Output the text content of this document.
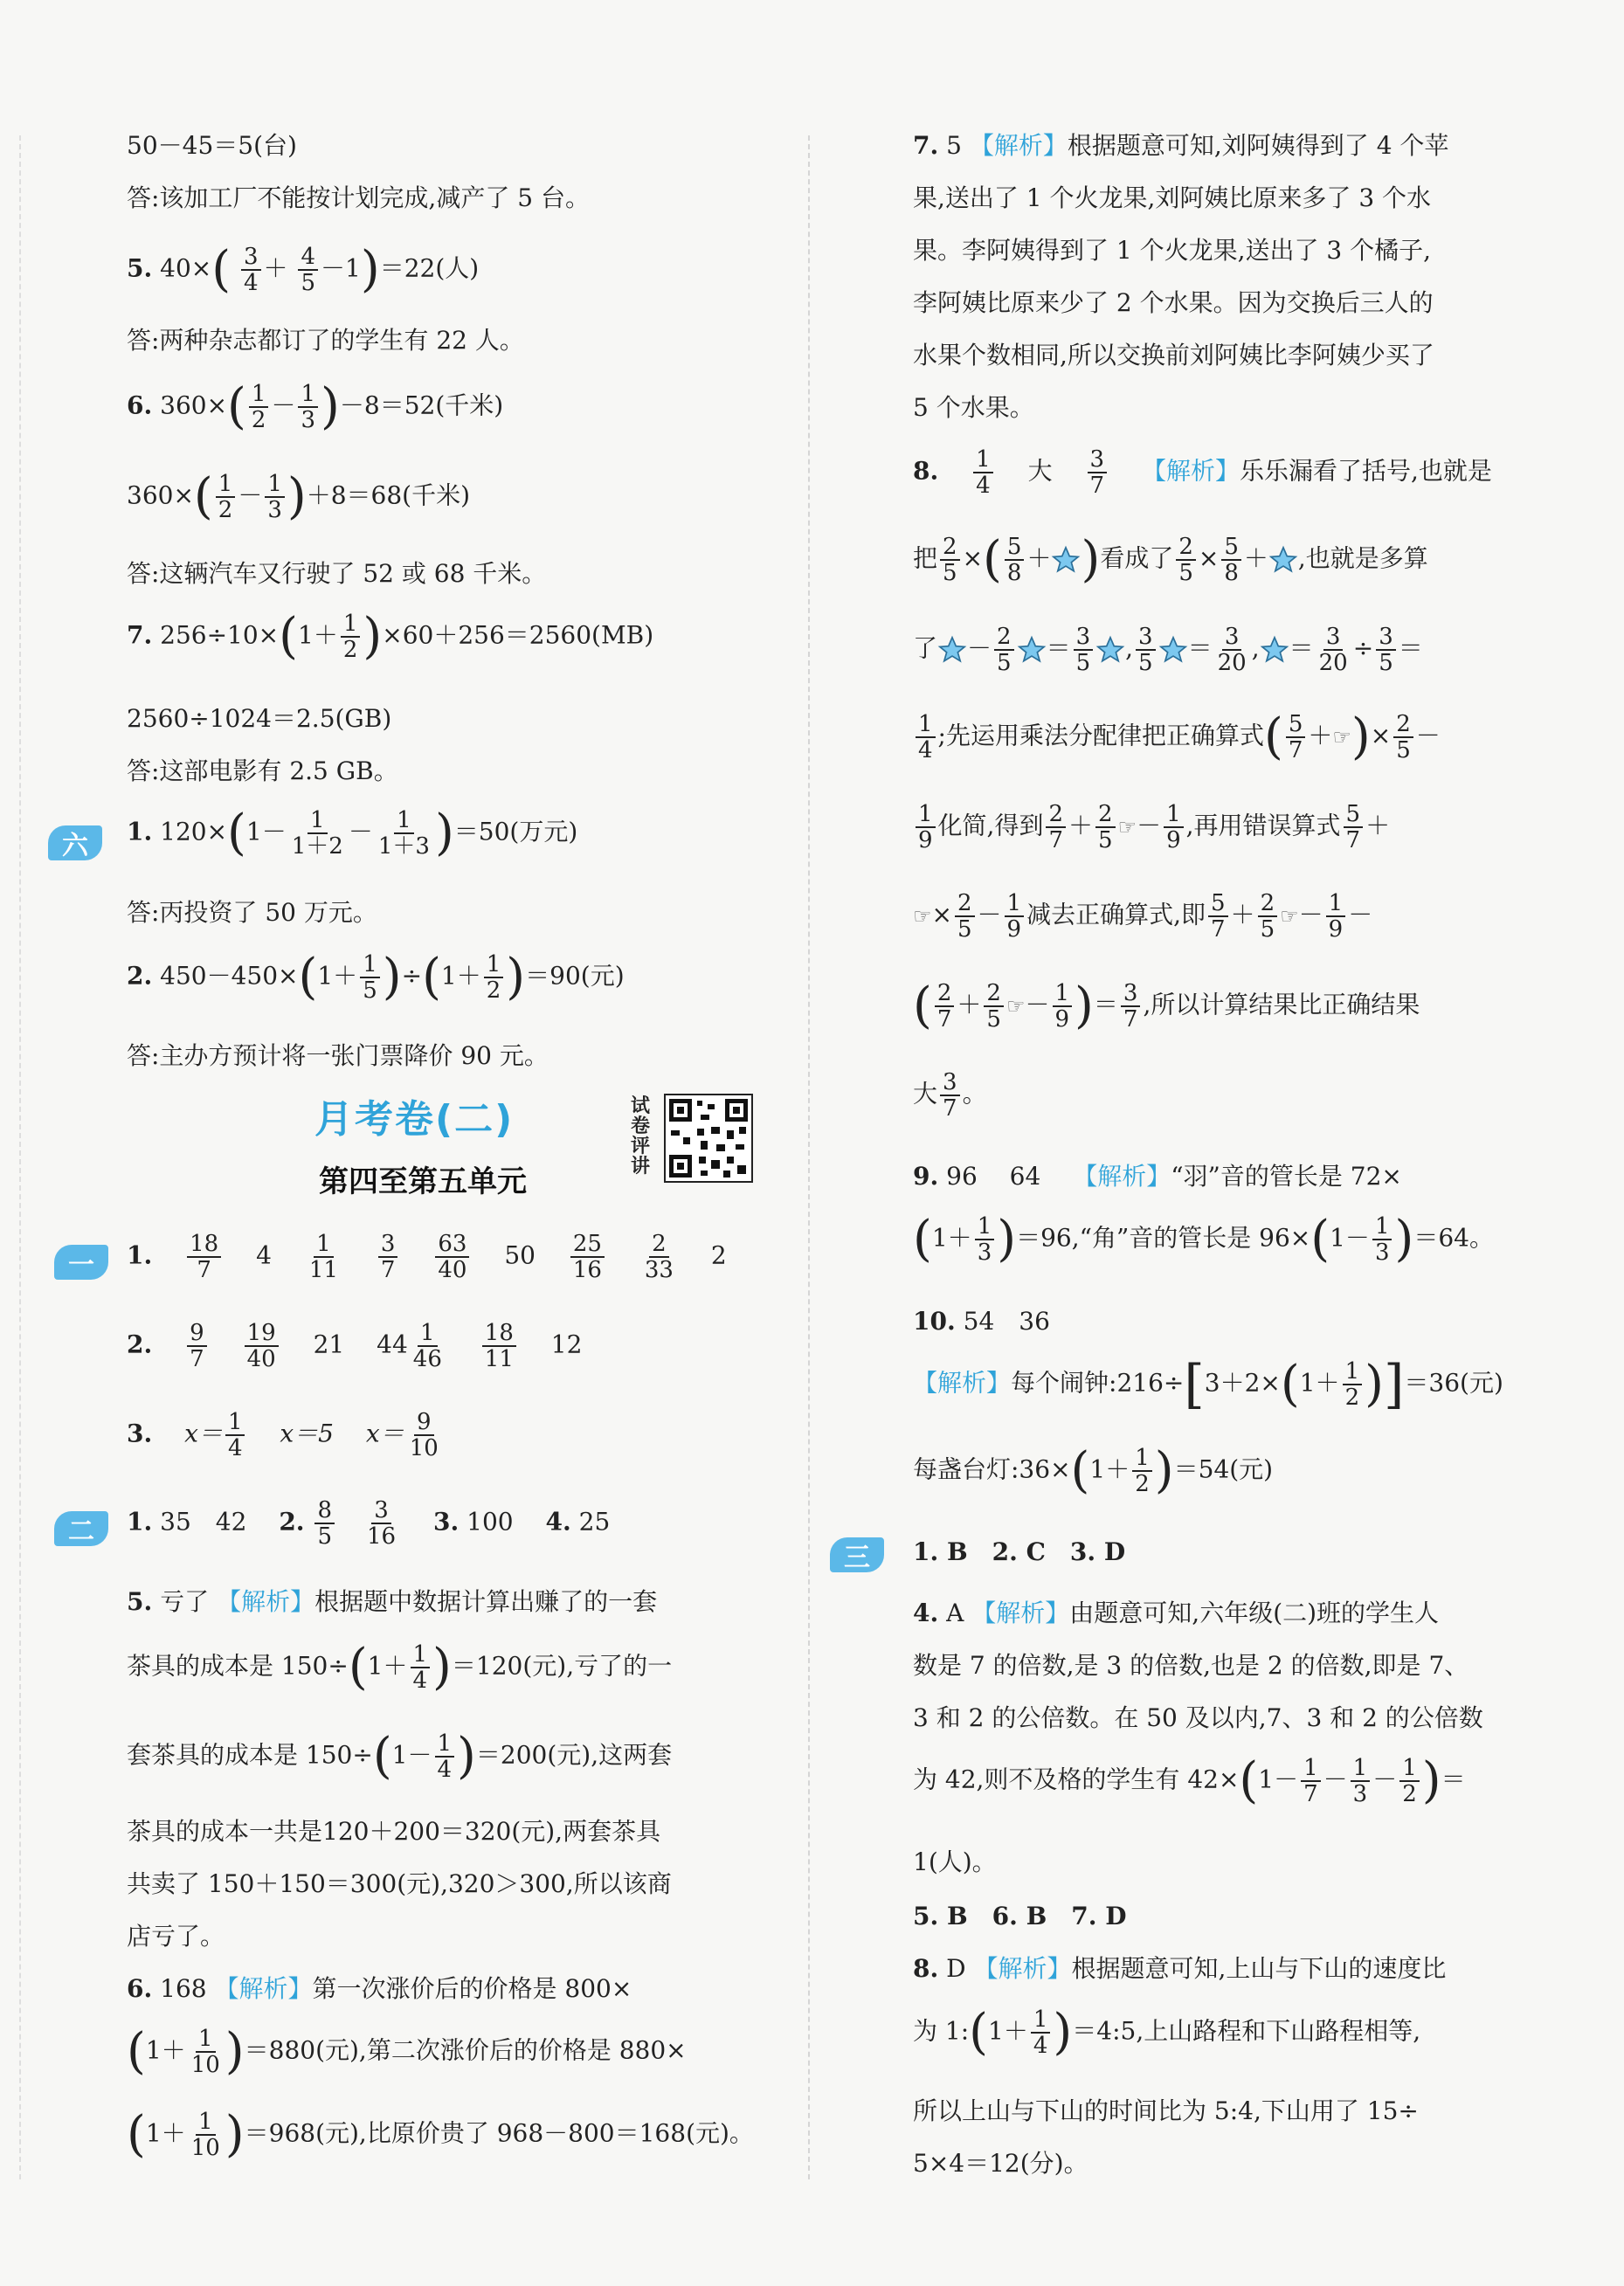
50－45＝5(台)
答:该加工厂不能按计划完成,减产了 5 台。
5. $40\times( \frac{3}{4} + \frac{4}{5} -1)=22$(人)
答:两种杂志都订了的学生有 22 人。
6. $360\times( \frac{1}{2} - \frac{1}{3} )-8=52$(千米)
$360\times( \frac{1}{2} - \frac{1}{3} )+8=68$(千米)
答:这辆汽车又行驶了 52 或 68 千米。
7. $256\div 10\times(1+ \frac{1}{2} )\times 60+256=2560(MB)$
2560÷1024＝2.5(GB)
答:这部电影有 2.5 GB。
六	1. $120\times(1- \frac{1}{1+2} - \frac{1}{1+3} )=50$(万元)
答:丙投资了 50 万元。
2. $450-450\times(1+ \frac{1}{5} )\div(1+ \frac{1}{2} )=90$(元)
答:主办方预计将一张门票降价 90 元。
月考卷(二)
第四至第五单元
试卷评讲
一	1. $\frac{18}{7} 4 \frac{1}{11}$
$\frac{3}{7}$
$\frac{63}{40} 50 \frac{25}{16}$
$\frac{2}{33} 2$
2. $\frac{9}{7}$
$\frac{19}{40} 21$ $44 \frac{1}{46}$
$\frac{18}{11} 12$
3. $x= \frac{1}{4} x=5$ $x= \frac{9}{10}$
二	1. 35　42 2. $\frac{8}{5} \frac{3}{16} 3$. 100 4. 25
5. 亏了 【解析】根据题中数据计算出赚了的一套
茶具的成本是 $150\div(1+ \frac{1}{4} )=120$(元),亏了的一
套茶具的成本是 $150\div(1- \frac{1}{4} )=200$(元),这两套
茶具的成本一共是120＋200＝320(元),两套茶具
共卖了 150＋150＝300(元),320＞300,所以该商
店亏了。
6. 168 【解析】第一次涨价后的价格是 800×
$(1+ \frac{1}{10} )=880$(元),第二次涨价后的价格是 880×
$(1+ \frac{1}{10} )=968$(元),比原价贵了 968－800＝168(元)。
7. 5 【解析】根据题意可知,刘阿姨得到了 4 个苹
果,送出了 1 个火龙果,刘阿姨比原来多了 3 个水
果。李阿姨得到了 1 个火龙果,送出了 3 个橘子,
李阿姨比原来少了 2 个水果。因为交换后三人的
水果个数相同,所以交换前刘阿姨比李阿姨少买了
5 个水果。
8. $\frac{1}{4}$ 大 $\frac{3}{7}$ 【解析】乐乐漏看了括号,也就是
把 $\frac{2}{5}$ ×( $\frac{5}{8}$ ＋ )看成了 $\frac{2}{5} \times \frac{5}{8}$ ＋ ,也就是多算
了 － $\frac{2}{5} = \frac{3}{5}$ , $\frac{3}{5} = \frac{3}{20}$ , ＝ $\frac{3}{20} \div \frac{3}{5}$ ＝
$\frac{1}{4}$ ;先运用乘法分配律把正确算式( $\frac{5}{7}$ ＋☞)× $\frac{2}{5}$ －
$\frac{1}{9}$ 化简,得到 $\frac{2}{7} + \frac{2}{5}$ ☞－ $\frac{1}{9}$ ,再用错误算式 $\frac{5}{7}$ ＋
☞× $\frac{2}{5} - \frac{1}{9}$ 减去正确算式,即 $\frac{5}{7} + \frac{2}{5}$ ☞－ $\frac{1}{9}$ －
( $\frac{2}{7} + \frac{2}{5}$ ☞－ $\frac{1}{9}$ )＝ $\frac{3}{7}$ ,所以计算结果比正确结果
大 $\frac{3}{7}$ 。
9. 96　 64 【解析】“羽”音的管长是 72×
($1+ \frac{1}{3}$ )＝96,“角”音的管长是 $96\times(1- \frac{1}{3} )=64$。
10. 54　36
【解析】每个闹钟:216÷[3＋2×(1＋ $\frac{1}{2} )]=36$(元)
每盏台灯:36×(1＋ $\frac{1}{2} )=54$(元)
三	1. B　2. C　3. D
4. A 【解析】由题意可知,六年级(二)班的学生人
数是 7 的倍数,是 3 的倍数,也是 2 的倍数,即是 7、
3 和 2 的公倍数。在 50 及以内,7、3 和 2 的公倍数
为 42,则不及格的学生有 $42\times(1- \frac{1}{7} - \frac{1}{3} - \frac{1}{2}$ )＝
1(人)。
5. B　6. B　7. D
8. D 【解析】根据题意可知,上山与下山的速度比
为 1:(1＋ $\frac{1}{4}$ )＝4:5,上山路程和下山路程相等,
所以上山与下山的时间比为 5:4,下山用了 15÷
5×4＝12(分)。
